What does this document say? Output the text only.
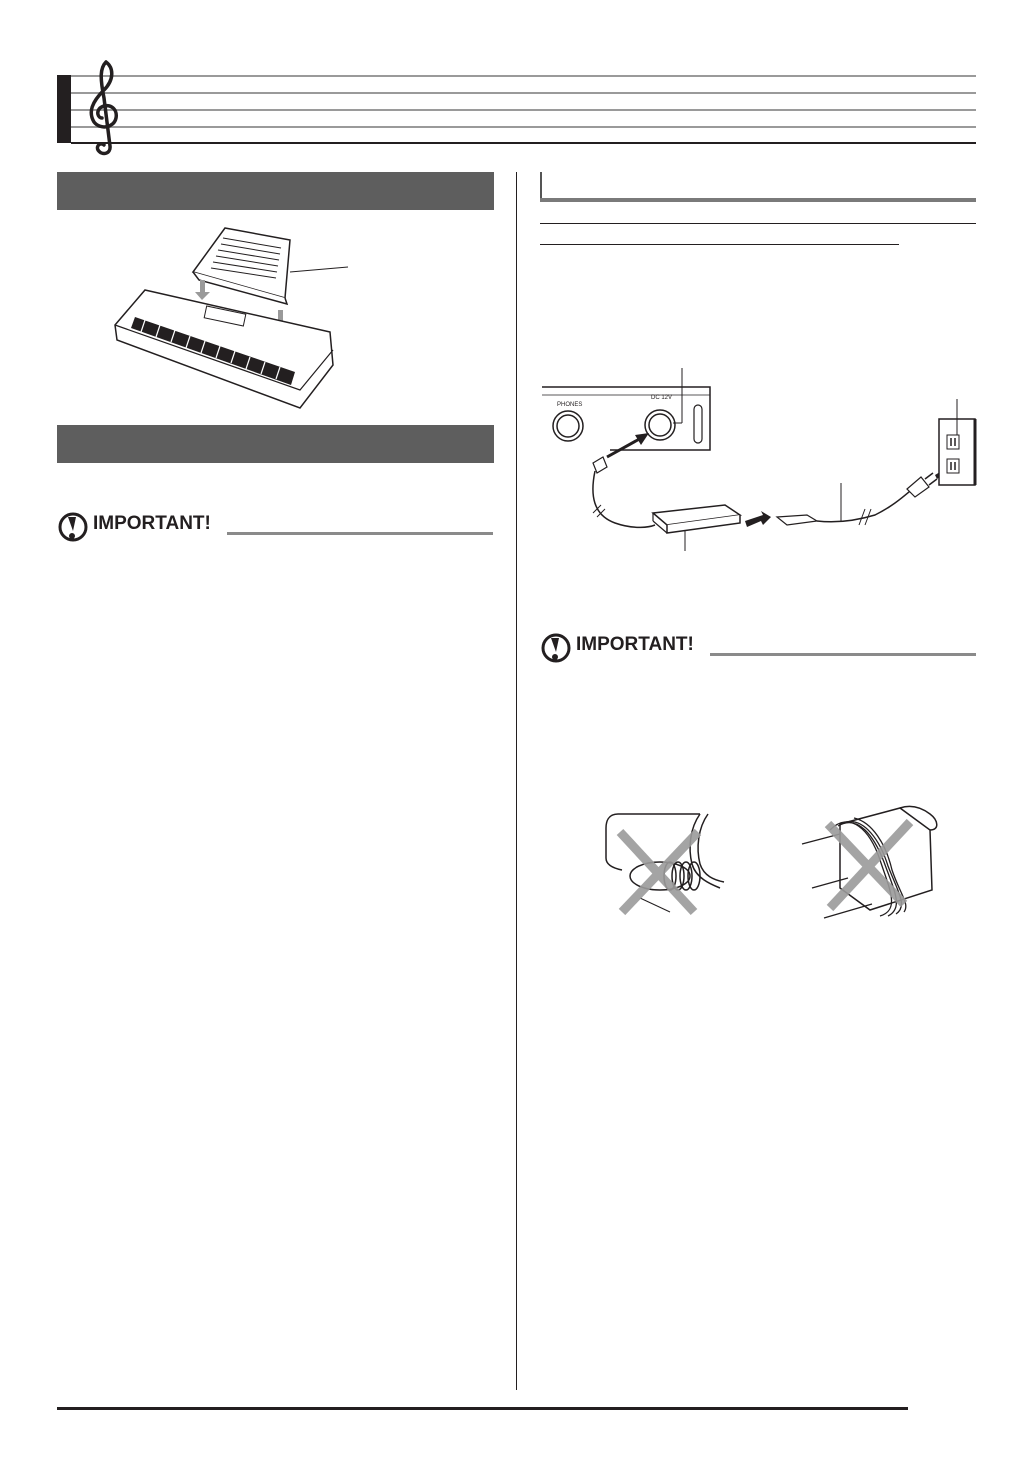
IMPORTANT!
PHONES
DC 12V
IMPORTANT!
